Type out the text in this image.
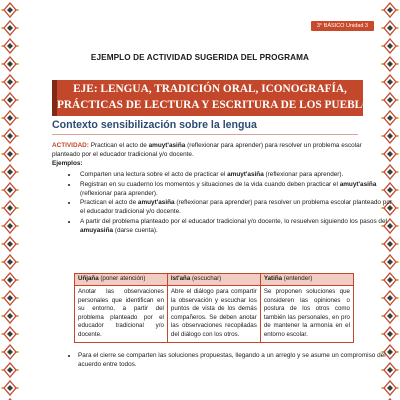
3° BÁSICO Unidad 3
EJEMPLO DE ACTIVIDAD SUGERIDA DEL PROGRAMA
EJE: LENGUA, TRADICIÓN ORAL, ICONOGRAFÍA,
PRÁCTICAS DE LECTURA Y ESCRITURA DE LOS PUEBLOS
Contexto sensibilización sobre la lengua
ACTIVIDAD: Practican el acto de amuyt'asiña (reflexionar para aprender) para resolver un problema escolar planteado por el educador tradicional y/o docente.
Ejemplos:
• Comparten una lectura sobre el acto de practicar el amuyt'asiña (reflexionar para aprender).
• Registran en su cuaderno los momentos y situaciones de la vida cuando deben practicar el amuyt'asiña (reflexionar para aprender).
• Practican el acto de amuyt'asiña (reflexionar para aprender) para resolver un problema escolar planteado por el educador tradicional y/o docente.
• A partir del problema planteado por el educador tradicional y/o docente, lo resuelven siguiendo los pasos del amuyasiña (darse cuenta).
Uñjaña (poner atención)	Ist'aña (escuchar)	Yatiña (entender)
Anotar las observaciones personales que identifican en su entorno, a partir del problema planteado por el educador tradicional y/o docente.	Abre el diálogo para compartir la observación y escuchar los puntos de vista de los demás compañeros. Se deben anotar las observaciones recopiladas del diálogo con los otros.	Se proponen soluciones que consideren las opiniones o postura de los otros como también las personales, en pro de mantener la armonía en el entorno escolar.
• Para el cierre se comparten las soluciones propuestas, llegando a un arreglo y se asume un compromiso del acuerdo entre todos.
